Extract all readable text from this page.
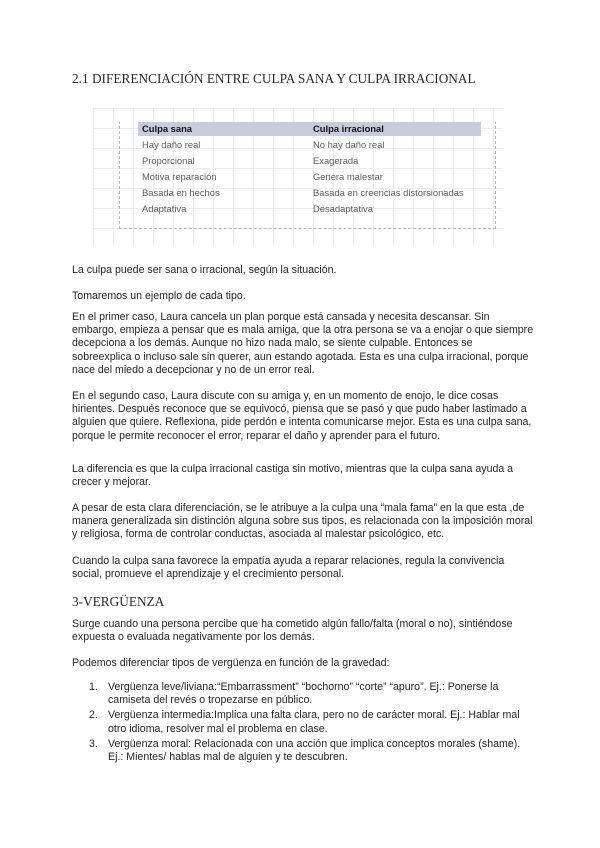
2.1 DIFERENCIACIÓN ENTRE CULPA SANA Y CULPA IRRACIONAL
Culpa sana	Culpa irracional
Hay daño real	No hay daño real
Proporcional	Exagerada
Motiva reparación	Genera malestar
Basada en hechos	Basada en creencias distorsionadas
Adaptativa	Desadaptativa

La culpa puede ser sana o irracional, según la situación.

Tomaremos un ejemplo de cada tipo.

En el primer caso, Laura cancela un plan porque está cansada y necesita descansar. Sin embargo, empieza a pensar que es mala amiga, que la otra persona se va a enojar o que siempre decepciona a los demás. Aunque no hizo nada malo, se siente culpable. Entonces se sobreexplica o incluso sale sin querer, aun estando agotada. Esta es una culpa irracional, porque nace del miedo a decepcionar y no de un error real.

En el segundo caso, Laura discute con su amiga y, en un momento de enojo, le dice cosas hirientes. Después reconoce que se equivocó, piensa que se pasó y que pudo haber lastimado a alguien que quiere. Reflexiona, pide perdón e intenta comunicarse mejor. Esta es una culpa sana, porque le permite reconocer el error, reparar el daño y aprender para el futuro.

La diferencia es que la culpa irracional castiga sin motivo, mientras que la culpa sana ayuda a crecer y mejorar.

A pesar de esta clara diferenciación, se le atribuye a la culpa una “mala fama” en la que esta ,de manera generalizada sin distinción alguna sobre sus tipos, es relacionada con la imposición moral y religiosa, forma de controlar conductas, asociada al malestar psicológico, etc.

Cuando la culpa sana favorece la empatía ayuda a reparar relaciones, regula la convivencia social, promueve el aprendizaje y el crecimiento personal.

3-VERGÜENZA

Surge cuando una persona percibe que ha cometido algún fallo/falta (moral o no), sintiéndose expuesta o evaluada negativamente por los demás.

Podemos diferenciar tipos de vergüenza en función de la gravedad:

1. Vergüenza leve/liviana:“Embarrassment” “bochorno” “corte” “apuro”. Ej.: Ponerse la camiseta del revés o tropezarse en público.
2. Vergüenza intermedia:Implica una falta clara, pero no de carácter moral. Ej.: Hablar mal otro idioma, resolver mal el problema en clase.
3. Vergüenza moral: Relacionada con una acción que implica conceptos morales (shame). Ej.: Mientes/ hablas mal de alguien y te descubren.
